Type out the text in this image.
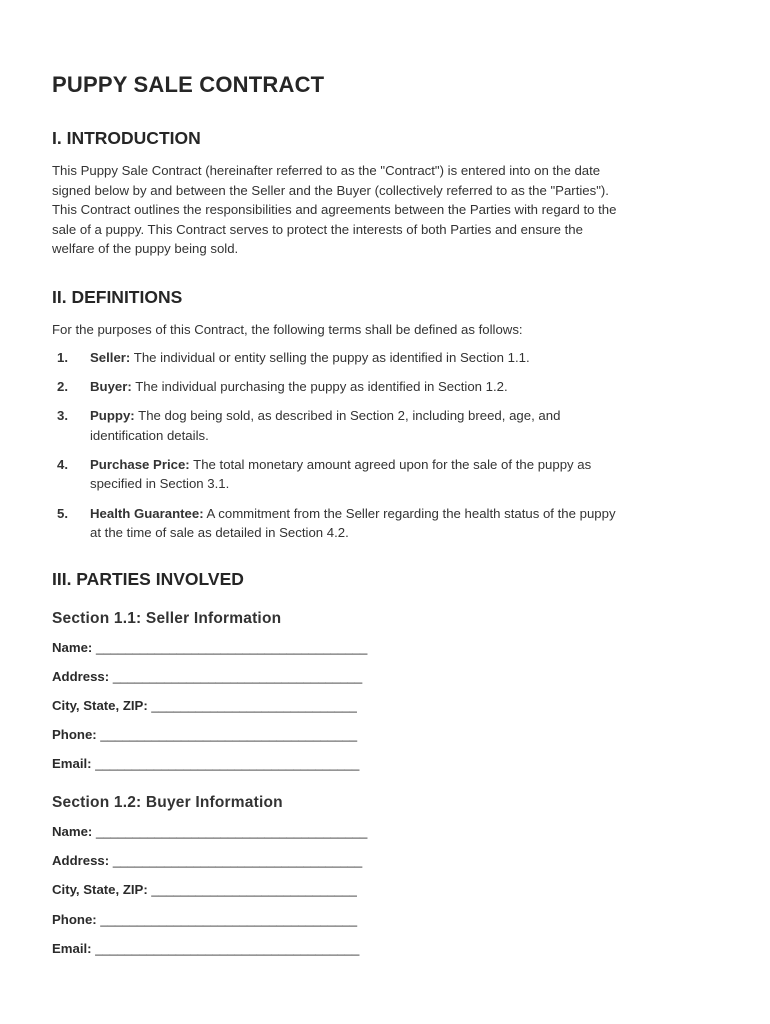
PUPPY SALE CONTRACT
I. INTRODUCTION
This Puppy Sale Contract (hereinafter referred to as the "Contract") is entered into on the date
signed below by and between the Seller and the Buyer (collectively referred to as the "Parties").
This Contract outlines the responsibilities and agreements between the Parties with regard to the
sale of a puppy. This Contract serves to protect the interests of both Parties and ensure the
welfare of the puppy being sold.
II. DEFINITIONS
For the purposes of this Contract, the following terms shall be defined as follows:
1.	Seller: The individual or entity selling the puppy as identified in Section 1.1.
2.	Buyer: The individual purchasing the puppy as identified in Section 1.2.
3.	Puppy: The dog being sold, as described in Section 2, including breed, age, and
identification details.
4.	Purchase Price: The total monetary amount agreed upon for the sale of the puppy as
specified in Section 3.1.
5.	Health Guarantee: A commitment from the Seller regarding the health status of the puppy
at the time of sale as detailed in Section 4.2.
III. PARTIES INVOLVED
Section 1.1: Seller Information
Name: _____________________________________
Address: __________________________________
City, State, ZIP: ____________________________
Phone: ___________________________________
Email: ____________________________________
Section 1.2: Buyer Information
Name: _____________________________________
Address: __________________________________
City, State, ZIP: ____________________________
Phone: ___________________________________
Email: ____________________________________
